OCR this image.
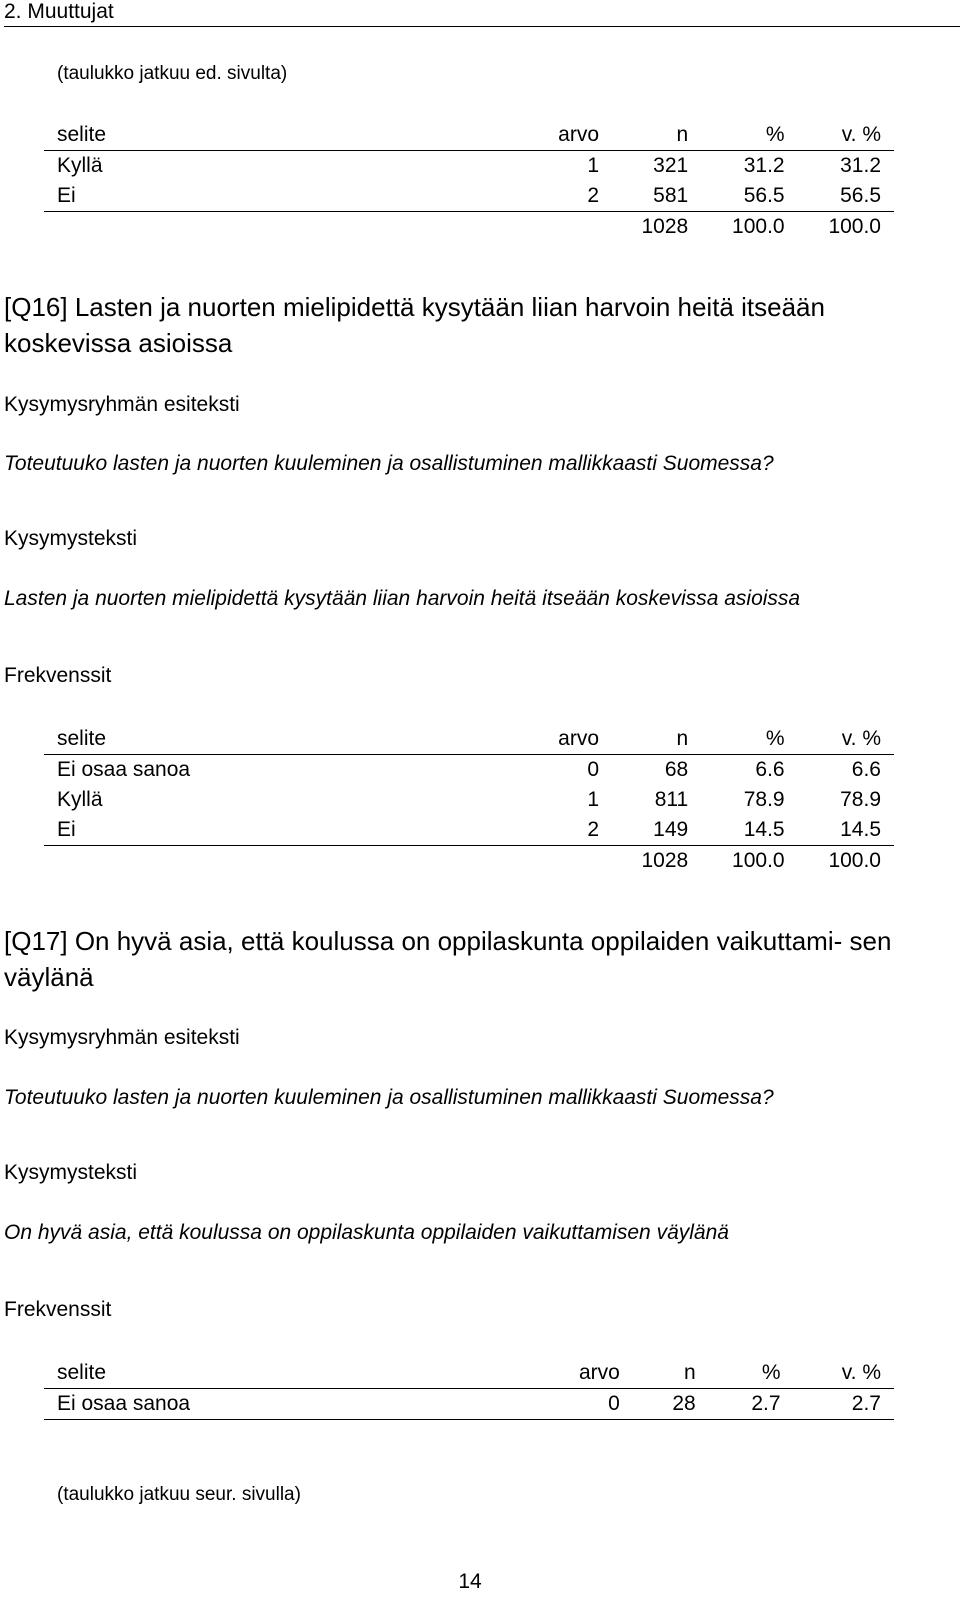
2. Muuttujat
(taulukko jatkuu ed. sivulta)
selite	arvo	n	%	v. %
Kyllä	1	321	31.2	31.2
Ei	2	581	56.5	56.5
		1028	100.0	100.0
[Q16] Lasten ja nuorten mielipidettä kysytään liian harvoin heitä itseään koskevissa asioissa
Kysymysryhmän esiteksti
Toteutuuko lasten ja nuorten kuuleminen ja osallistuminen mallikkaasti Suomessa?
Kysymysteksti
Lasten ja nuorten mielipidettä kysytään liian harvoin heitä itseään koskevissa asioissa
Frekvenssit
selite	arvo	n	%	v. %
Ei osaa sanoa	0	68	6.6	6.6
Kyllä	1	811	78.9	78.9
Ei	2	149	14.5	14.5
		1028	100.0	100.0
[Q17] On hyvä asia, että koulussa on oppilaskunta oppilaiden vaikuttami- sen väylänä
Kysymysryhmän esiteksti
Toteutuuko lasten ja nuorten kuuleminen ja osallistuminen mallikkaasti Suomessa?
Kysymysteksti
On hyvä asia, että koulussa on oppilaskunta oppilaiden vaikuttamisen väylänä
Frekvenssit
selite	arvo	n	%	v. %
Ei osaa sanoa	0	28	2.7	2.7
(taulukko jatkuu seur. sivulla)
14
